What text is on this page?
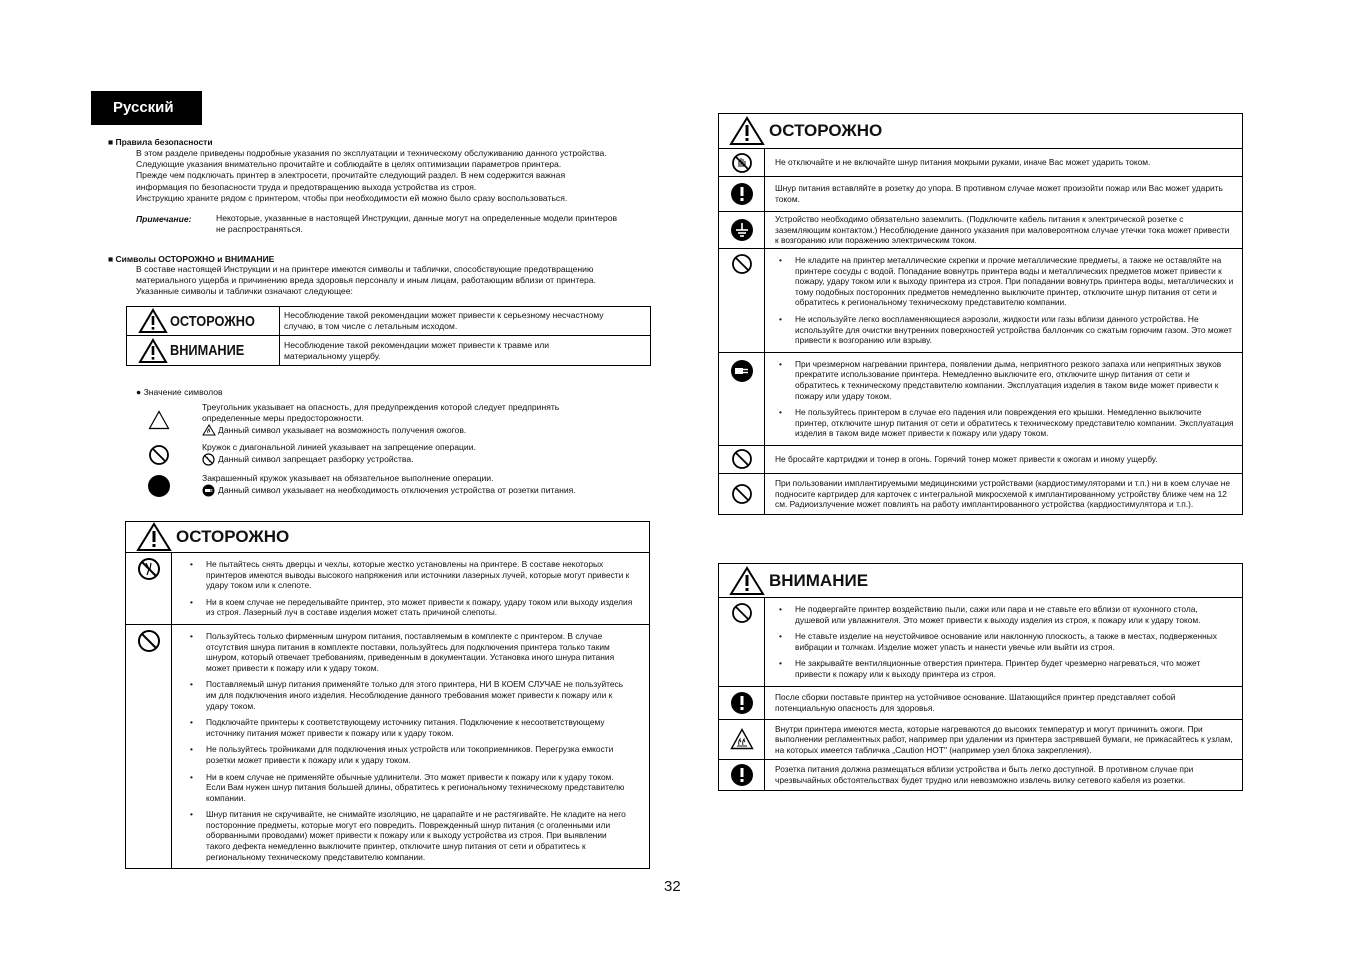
Русский
■ Правила безопасности
В этом разделе приведены подробные указания по эксплуатации и техническому обслуживанию данного устройства.
Следующие указания внимательно прочитайте и соблюдайте в целях оптимизации параметров принтера.
Прежде чем подключать принтер в электросети, прочитайте следующий раздел. В нем содержится важная
информация по безопасности труда и предотвращению выхода устройства из строя.
Инструкцию храните рядом с принтером, чтобы при необходимости ей можно было сразу воспользоваться.
Примечание:	Некоторые, указанные в настоящей Инструкции, данные могут на определенные модели принтеров
не распространяться.
■ Символы ОСТОРОЖНО и ВНИМАНИЕ
В составе настоящей Инструкции и на принтере имеются символы и таблички, способствующие предотвращению
материального ущерба и причинению вреда здоровья персоналу и иным лицам, работающим вблизи от принтера.
Указанные символы и таблички означают следующее:
ОСТОРОЖНО	Несоблюдение такой рекомендации может привести к серьезному несчастному
случаю, в том числе с летальным исходом.

ВНИМАНИЕ	Несоблюдение такой рекомендации может привести к травме или
материальному ущербу.
● Значение символов
Треугольник указывает на опасность, для предупреждения которой следует предпринять
определенные меры предосторожности.
Данный символ указывает на возможность получения ожогов.
Кружок с диагональной линией указывает на запрещение операции.
Данный символ запрещает разборку устройства.
Закрашенный кружок указывает на обязательное выполнение операции.
Данный символ указывает на необходимость отключения устройства от розетки питания.
ОСТОРОЖНО
• Не пытайтесь снять дверцы и чехлы, которые жестко установлены на принтере. В составе некоторых принтеров имеются выводы высокого напряжения или источники лазерных лучей, которые могут привести к удару током или к слепоте.
• Ни в коем случае не переделывайте принтер, это может привести к пожару, удару током или выходу изделия из строя. Лазерный луч в составе изделия может стать причиной слепоты.
• Пользуйтесь только фирменным шнуром питания, поставляемым в комплекте с принтером. В случае отсутствия шнура питания в комплекте поставки, пользуйтесь для подключения принтера только таким шнуром, который отвечает требованиям, приведенным в документации. Установка иного шнура питания может привести к пожару или к удару током.
• Поставляемый шнур питания применяйте только для этого принтера, НИ В КОЕМ СЛУЧАЕ не пользуйтесь им для подключения иного изделия. Несоблюдение данного требования может привести к пожару или к удару током.
• Подключайте принтеры к соответствующему источнику питания. Подключение к несоответствующему источнику питания может привести к пожару или к удару током.
• Не пользуйтесь тройниками для подключения иных устройств или токоприемников. Перегрузка емкости розетки может привести к пожару или к удару током.
• Ни в коем случае не применяйте обычные удлинители. Это может привести к пожару или к удару током. Если Вам нужен шнур питания большей длины, обратитесь к региональному техническому представителю компании.
• Шнур питания не скручивайте, не снимайте изоляцию, не царапайте и не растягивайте. Не кладите на него посторонние предметы, которые могут его повредить. Поврежденный шнур питания (с оголенными или оборванными проводами) может привести к пожару или к выходу устройства из строя. При выявлении такого дефекта немедленно выключите принтер, отключите шнур питания от сети и обратитесь к региональному техническому представителю компании.
ОСТОРОЖНО
Не отключайте и не включайте шнур питания мокрыми руками, иначе Вас может ударить током.
Шнур питания вставляйте в розетку до упора. В противном случае может произойти пожар или Вас может ударить током.
Устройство необходимо обязательно заземлить. (Подключите кабель питания к электрической розетке с заземляющим контактом.) Несоблюдение данного указания при маловероятном случае утечки тока может привести к возгоранию или поражению электрическим током.
• Не кладите на принтер металлические скрепки и прочие металлические предметы, а также не оставляйте на принтере сосуды с водой. Попадание вовнутрь принтера воды и металлических предметов может привести к пожару, удару током или к выходу принтера из строя. При попадании вовнутрь принтера воды, металлических и тому подобных посторонних предметов немедленно выключите принтер, отключите шнур питания от сети и обратитесь к региональному техническому представителю компании.
• Не используйте легко воспламеняющиеся аэрозоли, жидкости или газы вблизи данного устройства. Не используйте для очистки внутренних поверхностей устройства баллончик со сжатым горючим газом. Это может привести к возгоранию или взрыву.
• При чрезмерном нагревании принтера, появлении дыма, неприятного резкого запаха или неприятных звуков прекратите использование принтера. Немедленно выключите его, отключите шнур питания от сети и обратитесь к техническому представителю компании. Эксплуатация изделия в таком виде может привести к пожару или удару током.
• Не пользуйтесь принтером в случае его падения или повреждения его крышки. Немедленно выключите принтер, отключите шнур питания от сети и обратитесь к техническому представителю компании. Эксплуатация изделия в таком виде может привести к пожару или удару током.
Не бросайте картриджи и тонер в огонь. Горячий тонер может привести к ожогам и иному ущербу.
При пользовании имплантируемыми медицинскими устройствами (кардиостимуляторами и т.п.) ни в коем случае не подносите картридер для карточек с интегральной микросхемой к имплантированному устройству ближе чем на 12 см. Радиоизлучение может повлиять на работу имплантированного устройства (кардиостимулятора и т.п.).
ВНИМАНИЕ
• Не подвергайте принтер воздействию пыли, сажи или пара и не ставьте его вблизи от кухонного стола, душевой или увлажнителя. Это может привести к выходу изделия из строя, к пожару или к удару током.
• Не ставьте изделие на неустойчивое основание или наклонную плоскость, а также в местах, подверженных вибрации и толчкам. Изделие может упасть и нанести увечье или выйти из строя.
• Не закрывайте вентиляционные отверстия принтера. Принтер будет чрезмерно нагреваться, что может привести к пожару или к выходу принтера из строя.
После сборки поставьте принтер на устойчивое основание. Шатающийся принтер представляет собой потенциальную опасность для здоровья.
Внутри принтера имеются места, которые нагреваются до высоких температур и могут причинить ожоги. При выполнении регламентных работ, например при удалении из принтера застрявшей бумаги, не прикасайтесь к узлам, на которых имеется табличка „Caution HOT" (например узел блока закрепления).
Розетка питания должна размещаться вблизи устройства и быть легко доступной. В противном случае при чрезвычайных обстоятельствах будет трудно или невозможно извлечь вилку сетевого кабеля из розетки.
32
